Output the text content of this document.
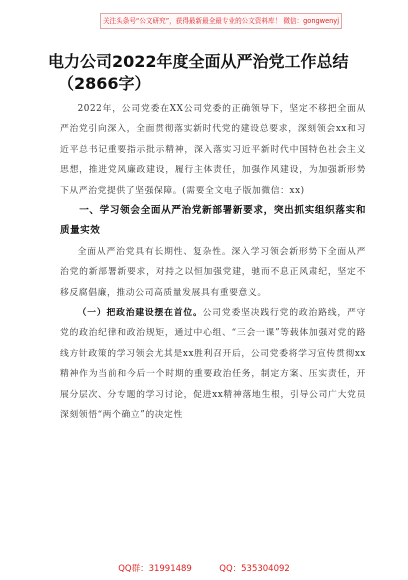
关注头条号“公文研究”，获得最新最全最专业的公文资料库！ 微信：gongwenyj
电力公司2022年度全面从严治党工作总结
（2866字）

2022年，公司党委在XX公司党委的正确领导下，坚定不移把全面从严治党引向深入，全面贯彻落实新时代党的建设总要求，深刻领会xx和习近平总书记重要指示批示精神，深入落实习近平新时代中国特色社会主义思想，推进党风廉政建设，履行主体责任，加强作风建设，为加强新形势下从严治党提供了坚强保障。(需要全文电子版加微信：xx)

一、学习领会全面从严治党新部署新要求，突出抓实组织落实和质量实效

全面从严治党具有长期性、复杂性。深入学习领会新形势下全面从严治党的新部署新要求，对持之以恒加强党建，驰而不息正风肃纪，坚定不移反腐倡廉，推动公司高质量发展具有重要意义。

（一）把政治建设摆在首位。公司党委坚决践行党的政治路线，严守党的政治纪律和政治规矩，通过中心组、“三会一课”等载体加强对党的路线方针政策的学习领会尤其是xx胜利召开后，公司党委将学习宣传贯彻xx精神作为当前和今后一个时期的重要政治任务，制定方案、压实责任，开展分层次、分专题的学习讨论，促进xx精神落地生根，引导公司广大党员深刻领悟“两个确立”的决定性

QQ群：31991489	QQ：535304092
